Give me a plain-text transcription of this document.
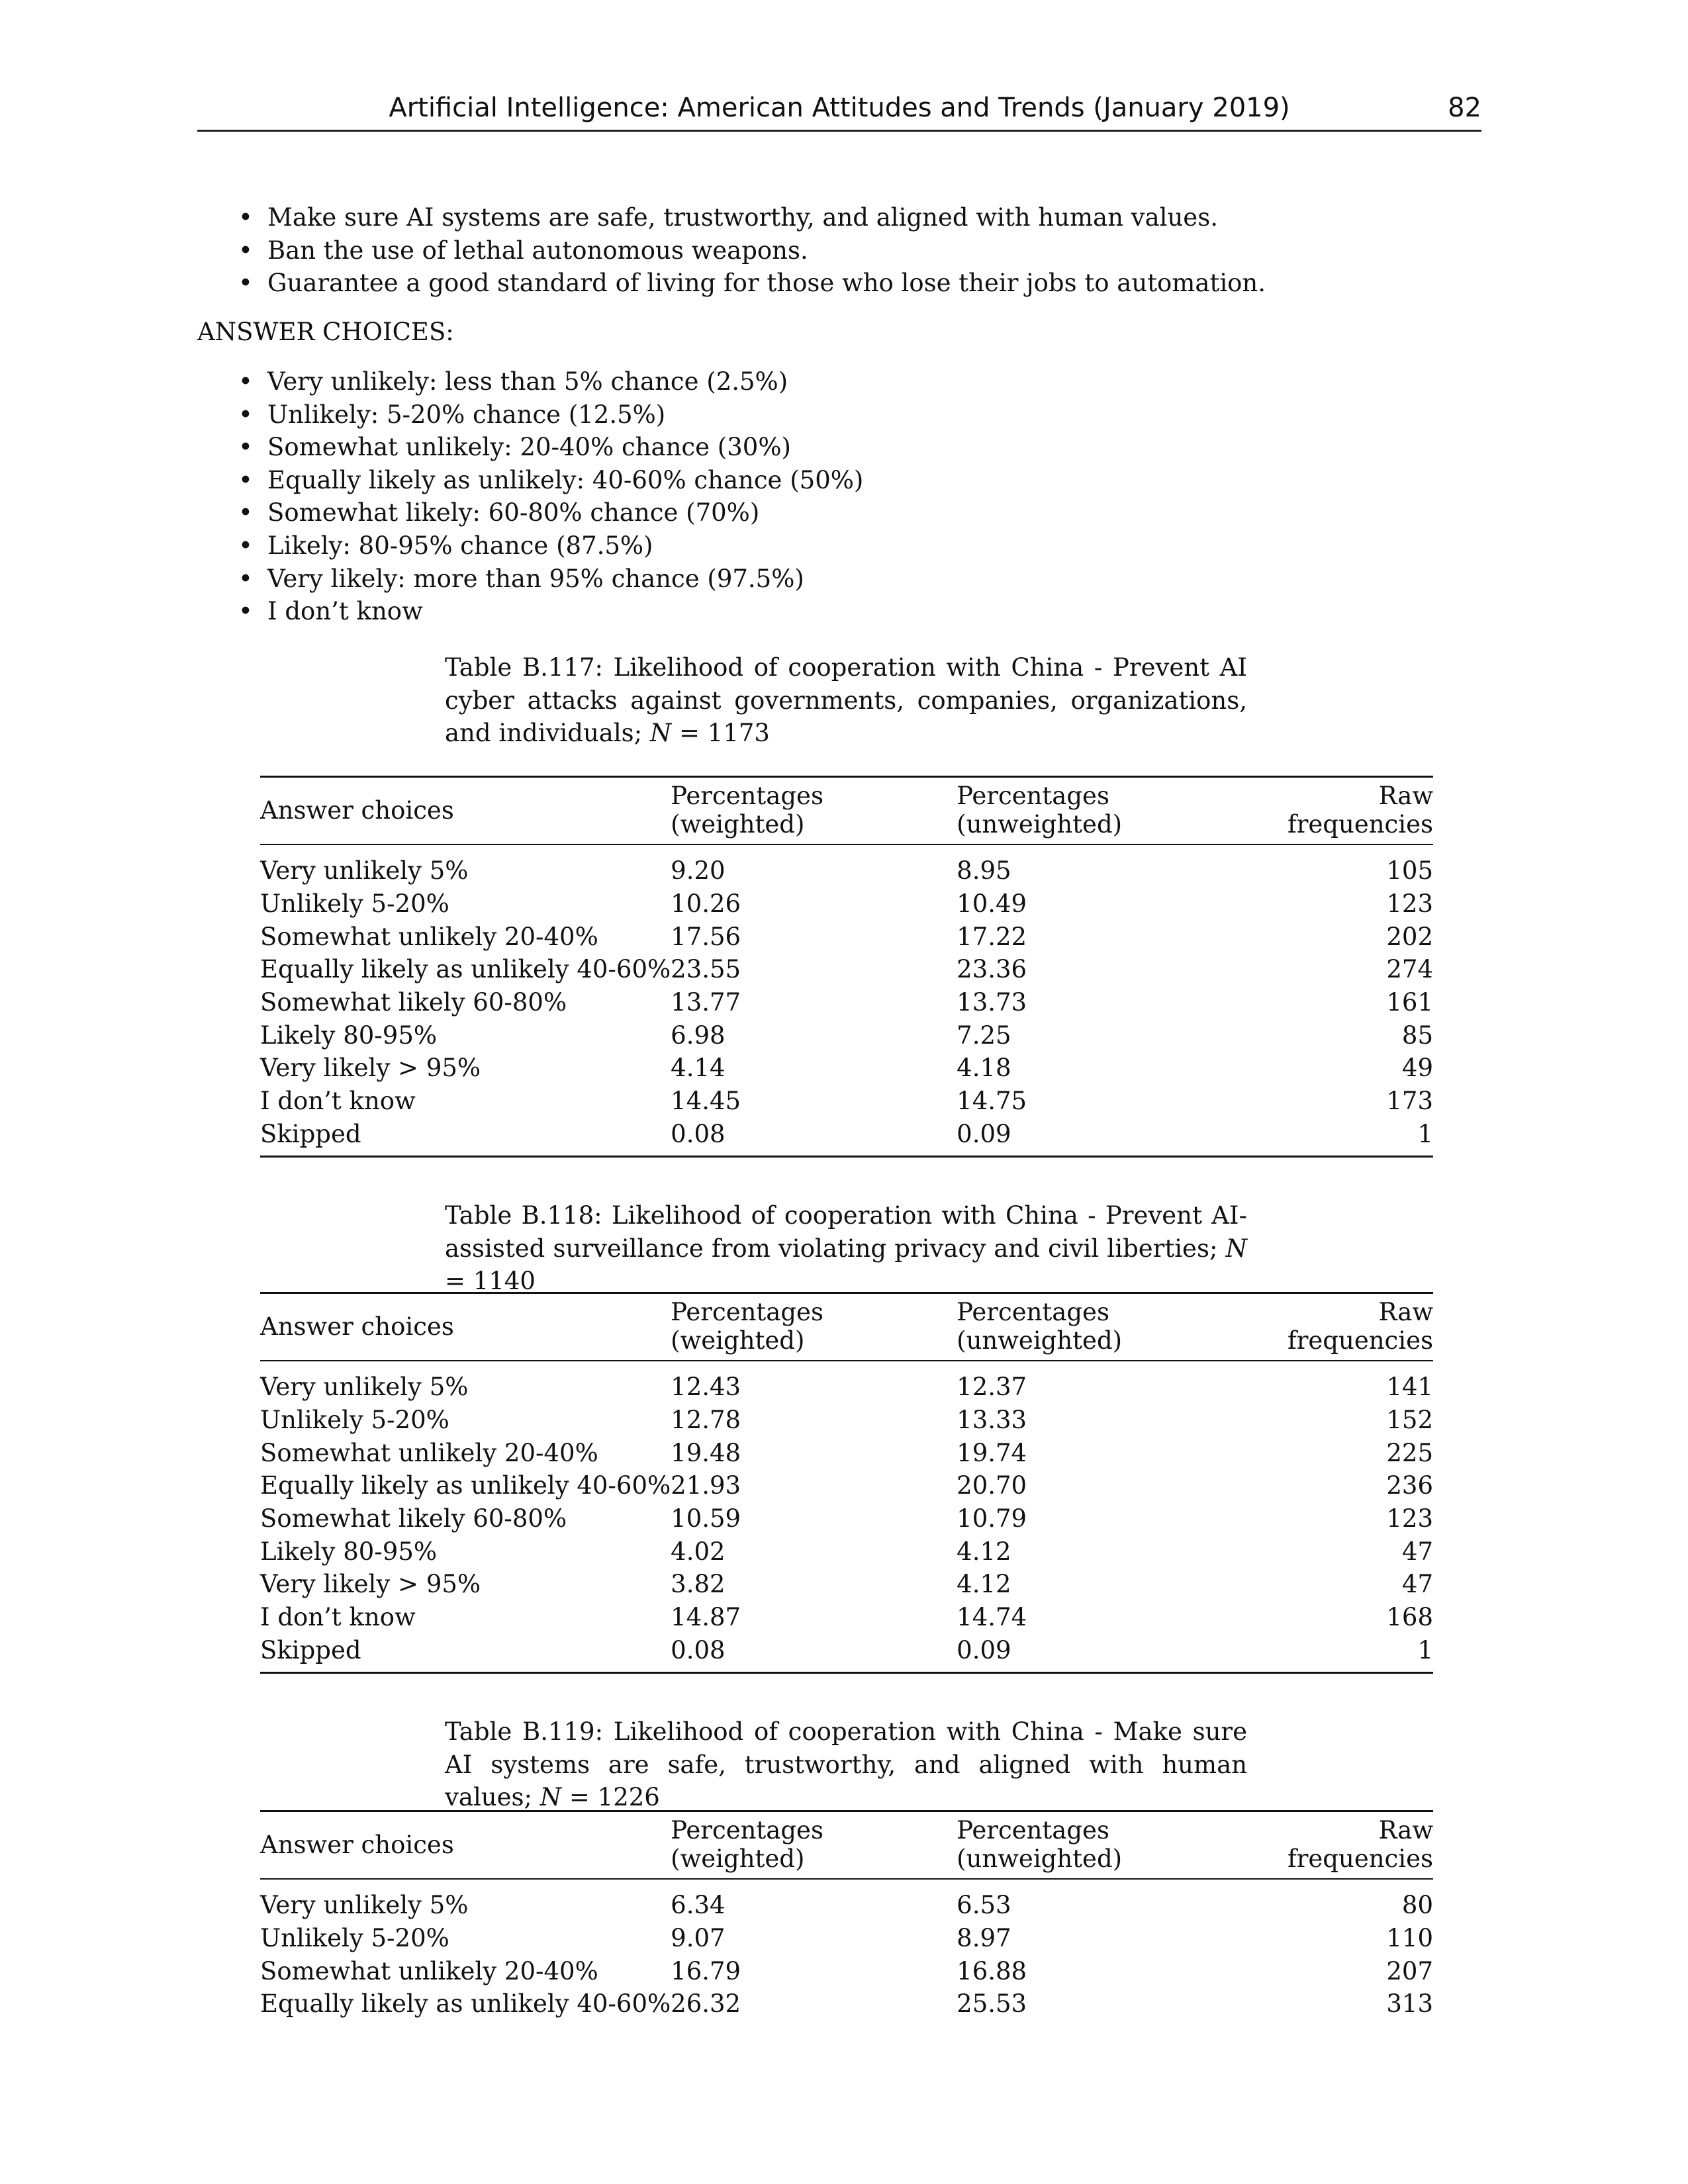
Artificial Intelligence: American Attitudes and Trends (January 2019)	82
• Make sure AI systems are safe, trustworthy, and aligned with human values.
• Ban the use of lethal autonomous weapons.
• Guarantee a good standard of living for those who lose their jobs to automation.
ANSWER CHOICES:
• Very unlikely: less than 5% chance (2.5%)
• Unlikely: 5-20% chance (12.5%)
• Somewhat unlikely: 20-40% chance (30%)
• Equally likely as unlikely: 40-60% chance (50%)
• Somewhat likely: 60-80% chance (70%)
• Likely: 80-95% chance (87.5%)
• Very likely: more than 95% chance (97.5%)
• I don’t know
Table B.117: Likelihood of cooperation with China - Prevent AI cyber attacks against governments, companies, organizations, and individuals; N = 1173
Answer choices	Percentages (weighted)	Percentages (unweighted)	Raw frequencies
Very unlikely 5%	9.20	8.95	105
Unlikely 5-20%	10.26	10.49	123
Somewhat unlikely 20-40%	17.56	17.22	202
Equally likely as unlikely 40-60%	23.55	23.36	274
Somewhat likely 60-80%	13.77	13.73	161
Likely 80-95%	6.98	7.25	85
Very likely > 95%	4.14	4.18	49
I don’t know	14.45	14.75	173
Skipped	0.08	0.09	1
Table B.118: Likelihood of cooperation with China - Prevent AI-assisted surveillance from violating privacy and civil liberties; N = 1140
Answer choices	Percentages (weighted)	Percentages (unweighted)	Raw frequencies
Very unlikely 5%	12.43	12.37	141
Unlikely 5-20%	12.78	13.33	152
Somewhat unlikely 20-40%	19.48	19.74	225
Equally likely as unlikely 40-60%	21.93	20.70	236
Somewhat likely 60-80%	10.59	10.79	123
Likely 80-95%	4.02	4.12	47
Very likely > 95%	3.82	4.12	47
I don’t know	14.87	14.74	168
Skipped	0.08	0.09	1
Table B.119: Likelihood of cooperation with China - Make sure AI systems are safe, trustworthy, and aligned with human values; N = 1226
Answer choices	Percentages (weighted)	Percentages (unweighted)	Raw frequencies
Very unlikely 5%	6.34	6.53	80
Unlikely 5-20%	9.07	8.97	110
Somewhat unlikely 20-40%	16.79	16.88	207
Equally likely as unlikely 40-60%	26.32	25.53	313
